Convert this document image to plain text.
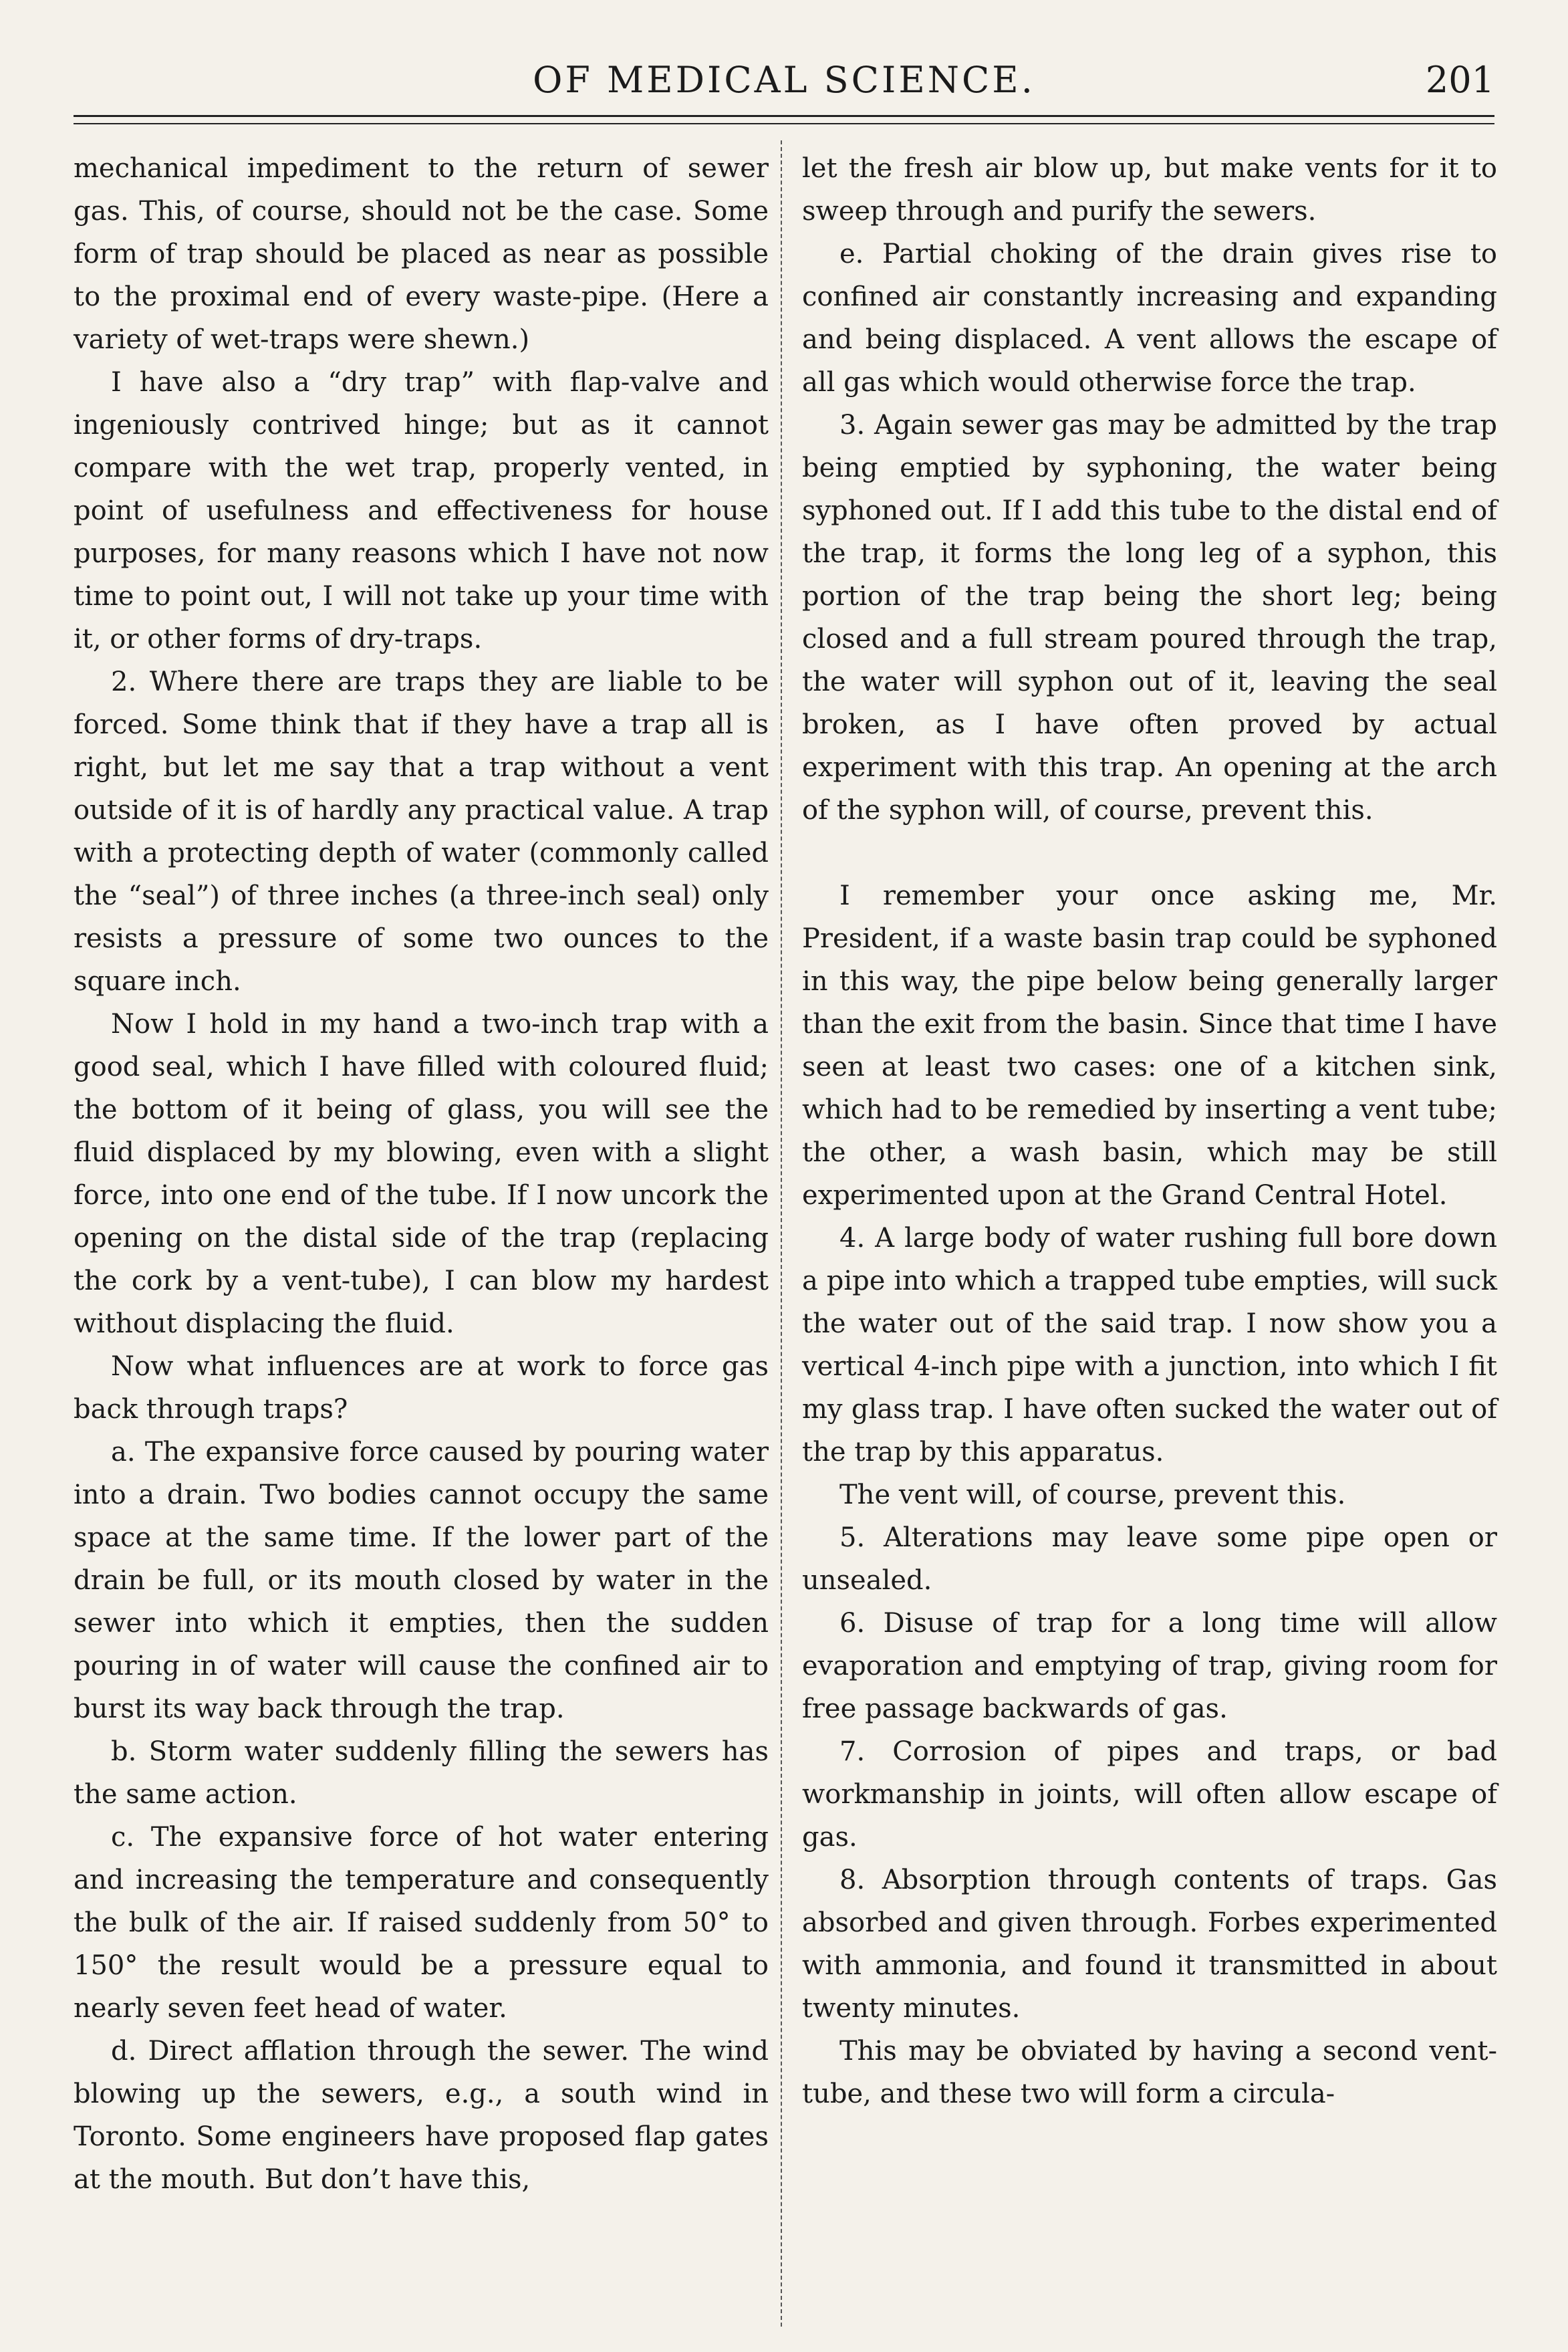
OF MEDICAL SCIENCE.	201

mechanical impediment to the return of sewer gas. This, of course, should not be the case. Some form of trap should be placed as near as possible to the proximal end of every waste-pipe. (Here a variety of wet-traps were shewn.)

I have also a “dry trap” with flap-valve and ingeniously contrived hinge; but as it cannot compare with the wet trap, properly vented, in point of usefulness and effectiveness for house purposes, for many reasons which I have not now time to point out, I will not take up your time with it, or other forms of dry-traps.

2. Where there are traps they are liable to be forced. Some think that if they have a trap all is right, but let me say that a trap without a vent outside of it is of hardly any practical value. A trap with a protecting depth of water (commonly called the “seal”) of three inches (a three-inch seal) only resists a pressure of some two ounces to the square inch.

Now I hold in my hand a two-inch trap with a good seal, which I have filled with coloured fluid; the bottom of it being of glass, you will see the fluid displaced by my blowing, even with a slight force, into one end of the tube. If I now uncork the opening on the distal side of the trap (replacing the cork by a vent-tube), I can blow my hardest without displacing the fluid.

Now what influences are at work to force gas back through traps?

a. The expansive force caused by pouring water into a drain. Two bodies cannot occupy the same space at the same time. If the lower part of the drain be full, or its mouth closed by water in the sewer into which it empties, then the sudden pouring in of water will cause the confined air to burst its way back through the trap.

b. Storm water suddenly filling the sewers has the same action.

c. The expansive force of hot water entering and increasing the temperature and consequently the bulk of the air. If raised suddenly from 50° to 150° the result would be a pressure equal to nearly seven feet head of water.

d. Direct afflation through the sewer. The wind blowing up the sewers, e.g., a south wind in Toronto. Some engineers have proposed flap gates at the mouth. But don’t have this,

let the fresh air blow up, but make vents for it to sweep through and purify the sewers.

e. Partial choking of the drain gives rise to confined air constantly increasing and expanding and being displaced. A vent allows the escape of all gas which would otherwise force the trap.

3. Again sewer gas may be admitted by the trap being emptied by syphoning, the water being syphoned out. If I add this tube to the distal end of the trap, it forms the long leg of a syphon, this portion of the trap being the short leg; being closed and a full stream poured through the trap, the water will syphon out of it, leaving the seal broken, as I have often proved by actual experiment with this trap. An opening at the arch of the syphon will, of course, prevent this.

I remember your once asking me, Mr. President, if a waste basin trap could be syphoned in this way, the pipe below being generally larger than the exit from the basin. Since that time I have seen at least two cases: one of a kitchen sink, which had to be remedied by inserting a vent tube; the other, a wash basin, which may be still experimented upon at the Grand Central Hotel.

4. A large body of water rushing full bore down a pipe into which a trapped tube empties, will suck the water out of the said trap. I now show you a vertical 4-inch pipe with a junction, into which I fit my glass trap. I have often sucked the water out of the trap by this apparatus.

The vent will, of course, prevent this.

5. Alterations may leave some pipe open or unsealed.

6. Disuse of trap for a long time will allow evaporation and emptying of trap, giving room for free passage backwards of gas.

7. Corrosion of pipes and traps, or bad workmanship in joints, will often allow escape of gas.

8. Absorption through contents of traps. Gas absorbed and given through. Forbes experimented with ammonia, and found it transmitted in about twenty minutes.

This may be obviated by having a second vent-tube, and these two will form a circula-
